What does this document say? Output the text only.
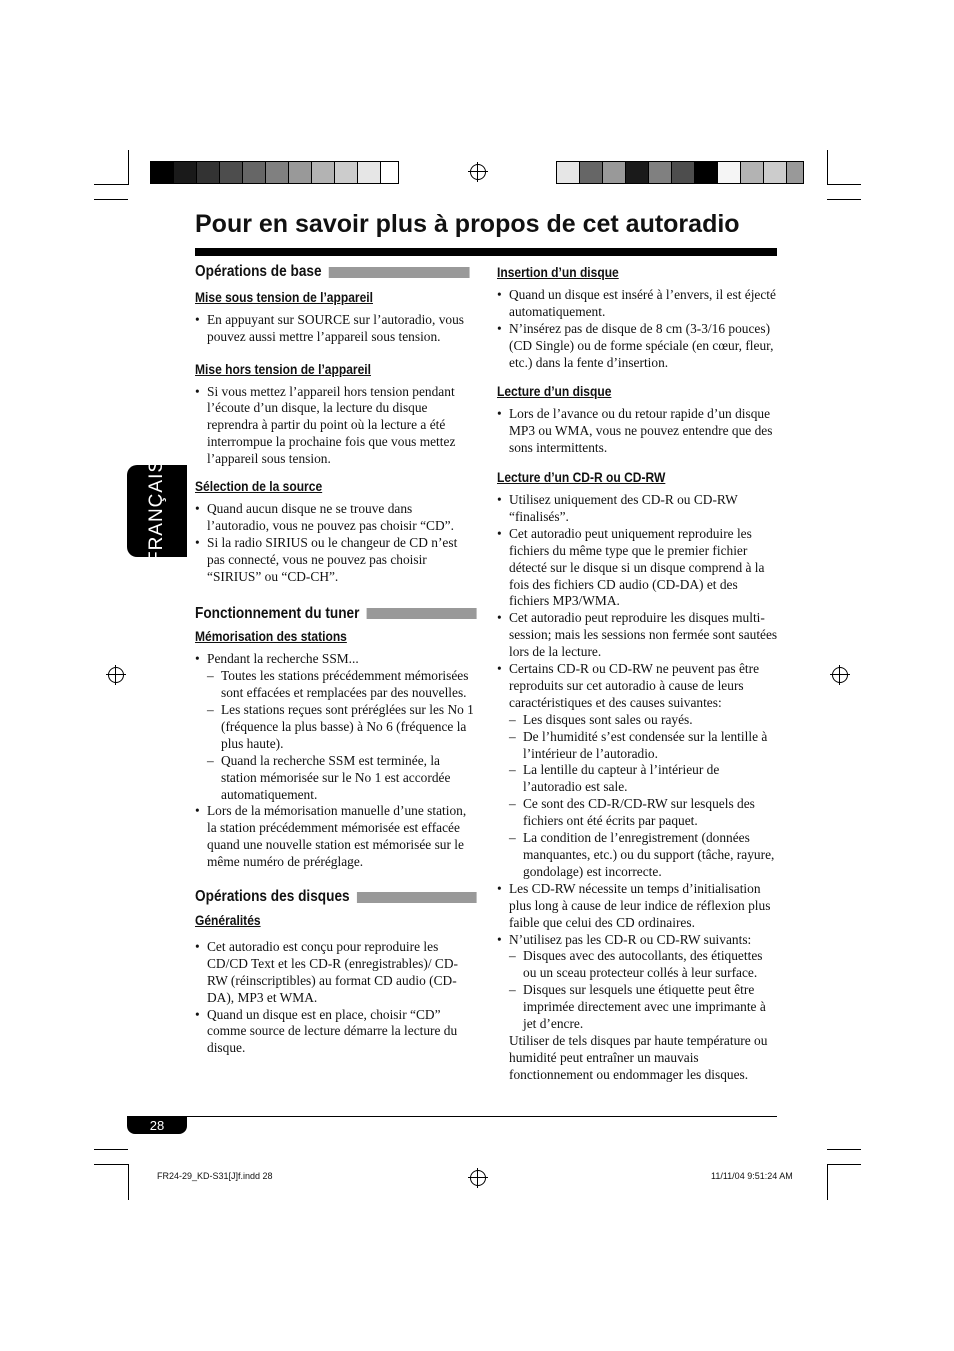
Pour en savoir plus à propos de cet autoradio
FRANÇAIS
Opérations de base
Mise sous tension de l’appareil
• En appuyant sur SOURCE sur l’autoradio, vous pouvez aussi mettre l’appareil sous tension.
Mise hors tension de l’appareil
• Si vous mettez l’appareil hors tension pendant l’écoute d’un disque, la lecture du disque reprendra à partir du point où la lecture a été interrompue la prochaine fois que vous mettez l’appareil sous tension.
Sélection de la source
• Quand aucun disque ne se trouve dans l’autoradio, vous ne pouvez pas choisir “CD”.
• Si la radio SIRIUS ou le changeur de CD n’est pas connecté, vous ne pouvez pas choisir “SIRIUS” ou “CD-CH”.
Fonctionnement du tuner
Mémorisation des stations
• Pendant la recherche SSM...
– Toutes les stations précédemment mémorisées sont effacées et remplacées par des nouvelles.
– Les stations reçues sont préréglées sur les No 1 (fréquence la plus basse) à No 6 (fréquence la plus haute).
– Quand la recherche SSM est terminée, la station mémorisée sur le No 1 est accordée automatiquement.
• Lors de la mémorisation manuelle d’une station, la station précédemment mémorisée est effacée quand une nouvelle station est mémorisée sur le même numéro de préréglage.
Opérations des disques
Généralités
• Cet autoradio est conçu pour reproduire les CD/CD Text et les CD-R (enregistrables)/ CD-RW (réinscriptibles) au format CD audio (CD-DA), MP3 et WMA.
• Quand un disque est en place, choisir “CD” comme source de lecture démarre la lecture du disque.
Insertion d’un disque
• Quand un disque est inséré à l’envers, il est éjecté automatiquement.
• N’insérez pas de disque de 8 cm (3-3/16 pouces) (CD Single) ou de forme spéciale (en cœur, fleur, etc.) dans la fente d’insertion.
Lecture d’un disque
• Lors de l’avance ou du retour rapide d’un disque MP3 ou WMA, vous ne pouvez entendre que des sons intermittents.
Lecture d’un CD-R ou CD-RW
• Utilisez uniquement des CD-R ou CD-RW “finalisés”.
• Cet autoradio peut uniquement reproduire les fichiers du même type que le premier fichier détecté sur le disque si un disque comprend à la fois des fichiers CD audio (CD-DA) et des fichiers MP3/WMA.
• Cet autoradio peut reproduire les disques multi-session; mais les sessions non fermée sont sautées lors de la lecture.
• Certains CD-R ou CD-RW ne peuvent pas être reproduits sur cet autoradio à cause de leurs caractéristiques et des causes suivantes:
– Les disques sont sales ou rayés.
– De l’humidité s’est condensée sur la lentille à l’intérieur de l’autoradio.
– La lentille du capteur à l’intérieur de l’autoradio est sale.
– Ce sont des CD-R/CD-RW sur lesquels des fichiers ont été écrits par paquet.
– La condition de l’enregistrement (données manquantes, etc.) ou du support (tâche, rayure, gondolage) est incorrecte.
• Les CD-RW nécessite un temps d’initialisation plus long à cause de leur indice de réflexion plus faible que celui des CD ordinaires.
• N’utilisez pas les CD-R ou CD-RW suivants:
– Disques avec des autocollants, des étiquettes ou un sceau protecteur collés à leur surface.
– Disques sur lesquels une étiquette peut être imprimée directement avec une imprimante à jet d’encre.
Utiliser de tels disques par haute température ou humidité peut entraîner un mauvais fonctionnement ou endommager les disques.
28
FR24-29_KD-S31[J]f.indd 28	11/11/04 9:51:24 AM
